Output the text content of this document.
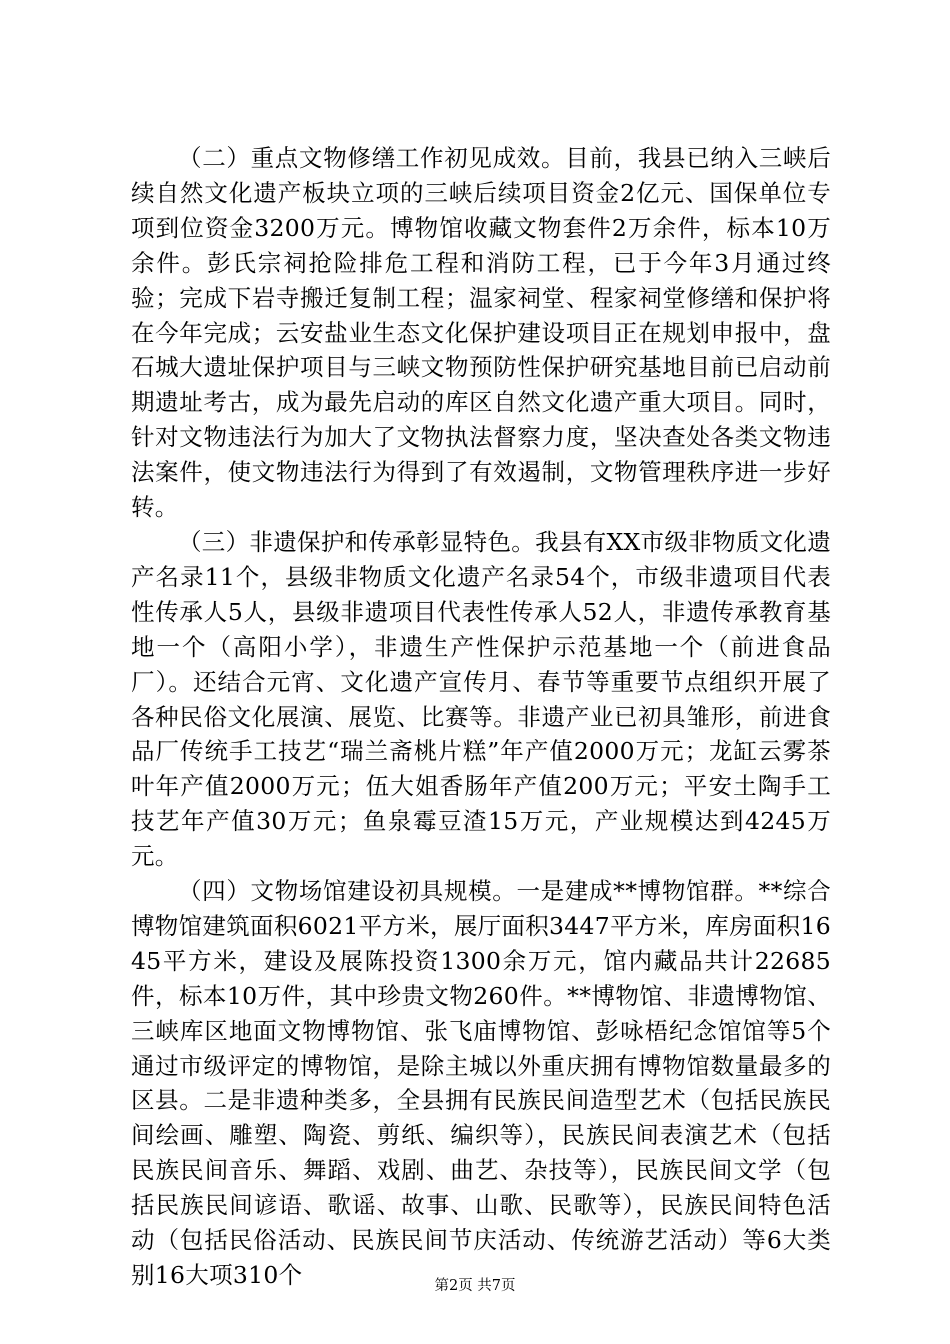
（二）重点文物修缮工作初见成效。目前，我县已纳入三峡后续自然文化遗产板块立项的三峡后续项目资金2亿元、国保单位专项到位资金3200万元。博物馆收藏文物套件2万余件，标本10万余件。彭氏宗祠抢险排危工程和消防工程，已于今年3月通过终验；完成下岩寺搬迁复制工程；温家祠堂、程家祠堂修缮和保护将在今年完成；云安盐业生态文化保护建设项目正在规划申报中，盘石城大遗址保护项目与三峡文物预防性保护研究基地目前已启动前期遗址考古，成为最先启动的库区自然文化遗产重大项目。同时，针对文物违法行为加大了文物执法督察力度，坚决查处各类文物违法案件，使文物违法行为得到了有效遏制，文物管理秩序进一步好转。

（三）非遗保护和传承彰显特色。我县有XX市级非物质文化遗产名录11个，县级非物质文化遗产名录54个，市级非遗项目代表性传承人5人，县级非遗项目代表性传承人52人，非遗传承教育基地一个（高阳小学），非遗生产性保护示范基地一个（前进食品厂）。还结合元宵、文化遗产宣传月、春节等重要节点组织开展了各种民俗文化展演、展览、比赛等。非遗产业已初具雏形，前进食品厂传统手工技艺“瑞兰斋桃片糕”年产值2000万元；龙缸云雾茶叶年产值2000万元；伍大姐香肠年产值200万元；平安土陶手工技艺年产值30万元；鱼泉霉豆渣15万元，产业规模达到4245万元。

（四）文物场馆建设初具规模。一是建成**博物馆群。**综合博物馆建筑面积6021平方米，展厅面积3447平方米，库房面积1645平方米，建设及展陈投资1300余万元，馆内藏品共计22685件，标本10万件，其中珍贵文物260件。**博物馆、非遗博物馆、三峡库区地面文物博物馆、张飞庙博物馆、彭咏梧纪念馆馆等5个通过市级评定的博物馆，是除主城以外重庆拥有博物馆数量最多的区县。二是非遗种类多，全县拥有民族民间造型艺术（包括民族民间绘画、雕塑、陶瓷、剪纸、编织等），民族民间表演艺术（包括民族民间音乐、舞蹈、戏剧、曲艺、杂技等），民族民间文学（包括民族民间谚语、歌谣、故事、山歌、民歌等），民族民间特色活动（包括民俗活动、民族民间节庆活动、传统游艺活动）等6大类别16大项310个	第2页 共7页
